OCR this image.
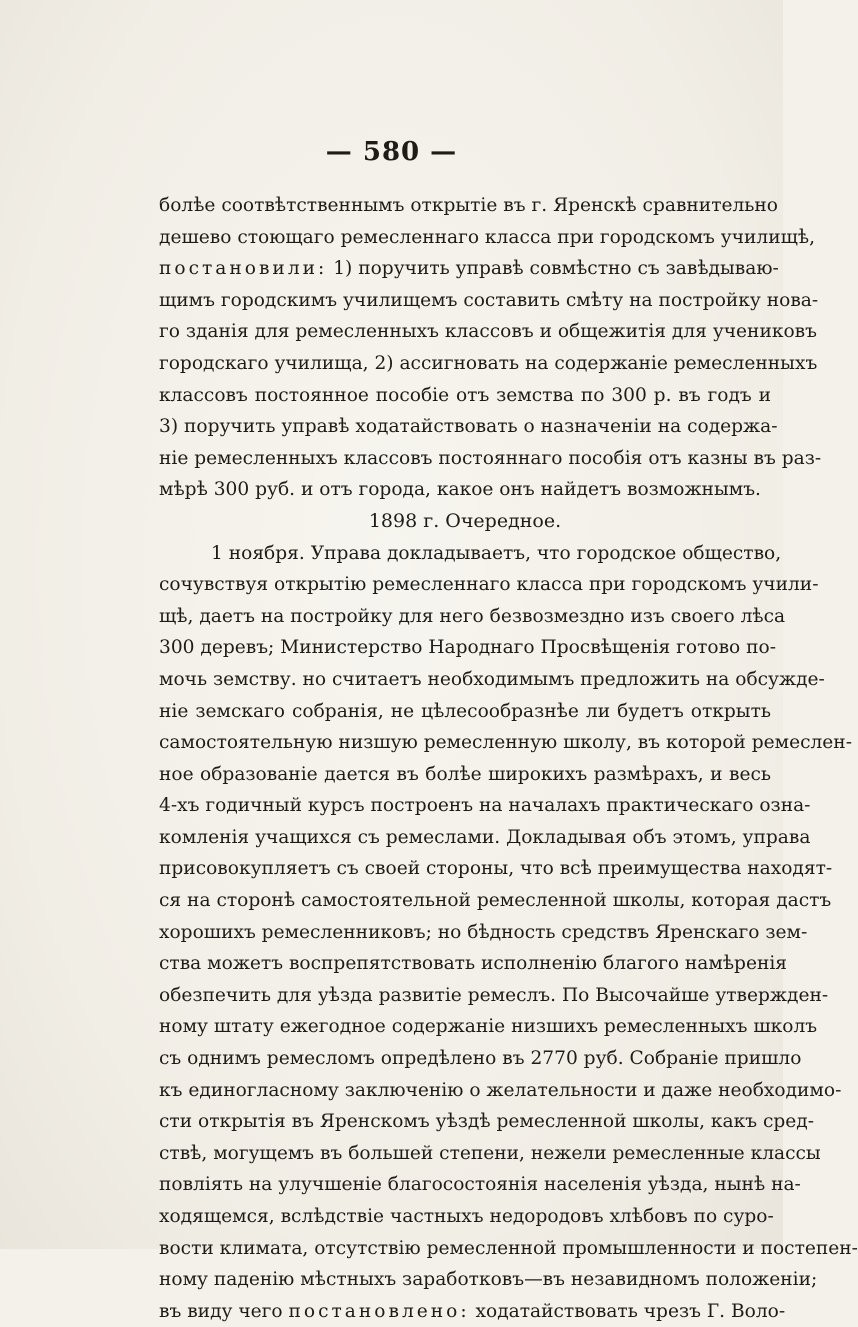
— 580 —
болѣе соотвѣтственнымъ открытіе въ г. Яренскѣ сравнительно
дешево стоющаго ремесленнаго класса при городскомъ училищѣ,
постановили: 1) поручить управѣ совмѣстно съ завѣдываю-
щимъ городскимъ училищемъ составить смѣту на постройку нова-
го зданія для ремесленныхъ классовъ и общежитія для учениковъ
городскаго училища, 2) ассигновать на содержаніе ремесленныхъ
классовъ постоянное пособіе отъ земства по 300 р. въ годъ и
3) поручить управѣ ходатайствовать о назначеніи на содержа-
ніе ремесленныхъ классовъ постояннаго пособія отъ казны въ раз-
мѣрѣ 300 руб. и отъ города, какое онъ найдетъ возможнымъ.
1898 г. Очередное.
1 ноября. Управа докладываетъ, что городское общество,
сочувствуя открытію ремесленнаго класса при городскомъ учили-
щѣ, даетъ на постройку для него безвозмездно изъ своего лѣса
300 деревъ; Министерство Народнаго Просвѣщенія готово по-
мочь земству. но считаетъ необходимымъ предложить на обсужде-
ніе земскаго собранія, не цѣлесообразнѣе ли будетъ открыть
самостоятельную низшую ремесленную школу, въ которой ремеслен-
ное образованіе дается въ болѣе широкихъ размѣрахъ, и весь
4-хъ годичный курсъ построенъ на началахъ практическаго озна-
комленія учащихся съ ремеслами. Докладывая объ этомъ, управа
присовокупляетъ съ своей стороны, что всѣ преимущества находят-
ся на сторонѣ самостоятельной ремесленной школы, которая дастъ
хорошихъ ремесленниковъ; но бѣдность средствъ Яренскаго зем-
ства можетъ воспрепятствовать исполненію благого намѣренія
обезпечить для уѣзда развитіе ремеслъ. По Высочайше утвержден-
ному штату ежегодное содержаніе низшихъ ремесленныхъ школъ
съ однимъ ремесломъ опредѣлено въ 2770 руб. Собраніе пришло
къ единогласному заключенію о желательности и даже необходимо-
сти открытія въ Яренскомъ уѣздѣ ремесленной школы, какъ сред-
ствѣ, могущемъ въ большей степени, нежели ремесленные классы
повліять на улучшеніе благосостоянія населенія уѣзда, нынѣ на-
ходящемся, вслѣдствіе частныхъ недородовъ хлѣбовъ по суро-
вости климата, отсутствію ремесленной промышленности и постепен-
ному паденію мѣстныхъ заработковъ—въ незавидномъ положеніи;
въ виду чего постановлено: ходатайствовать чрезъ Г. Воло-
